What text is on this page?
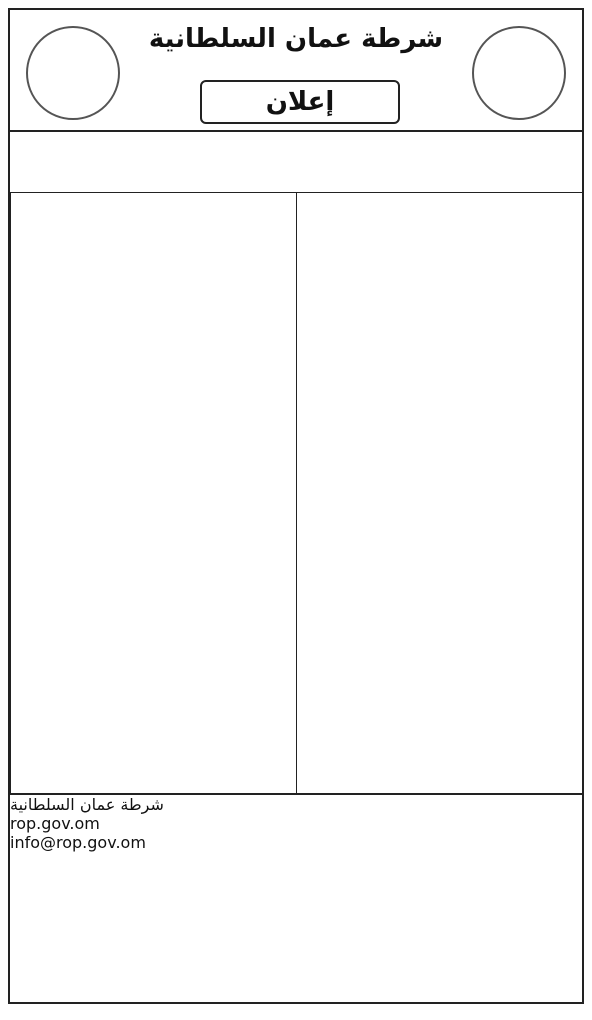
شرطة عمان السلطانية
إعلان
شرطة عمان السلطانية
rop.gov.om
info@rop.gov.om
